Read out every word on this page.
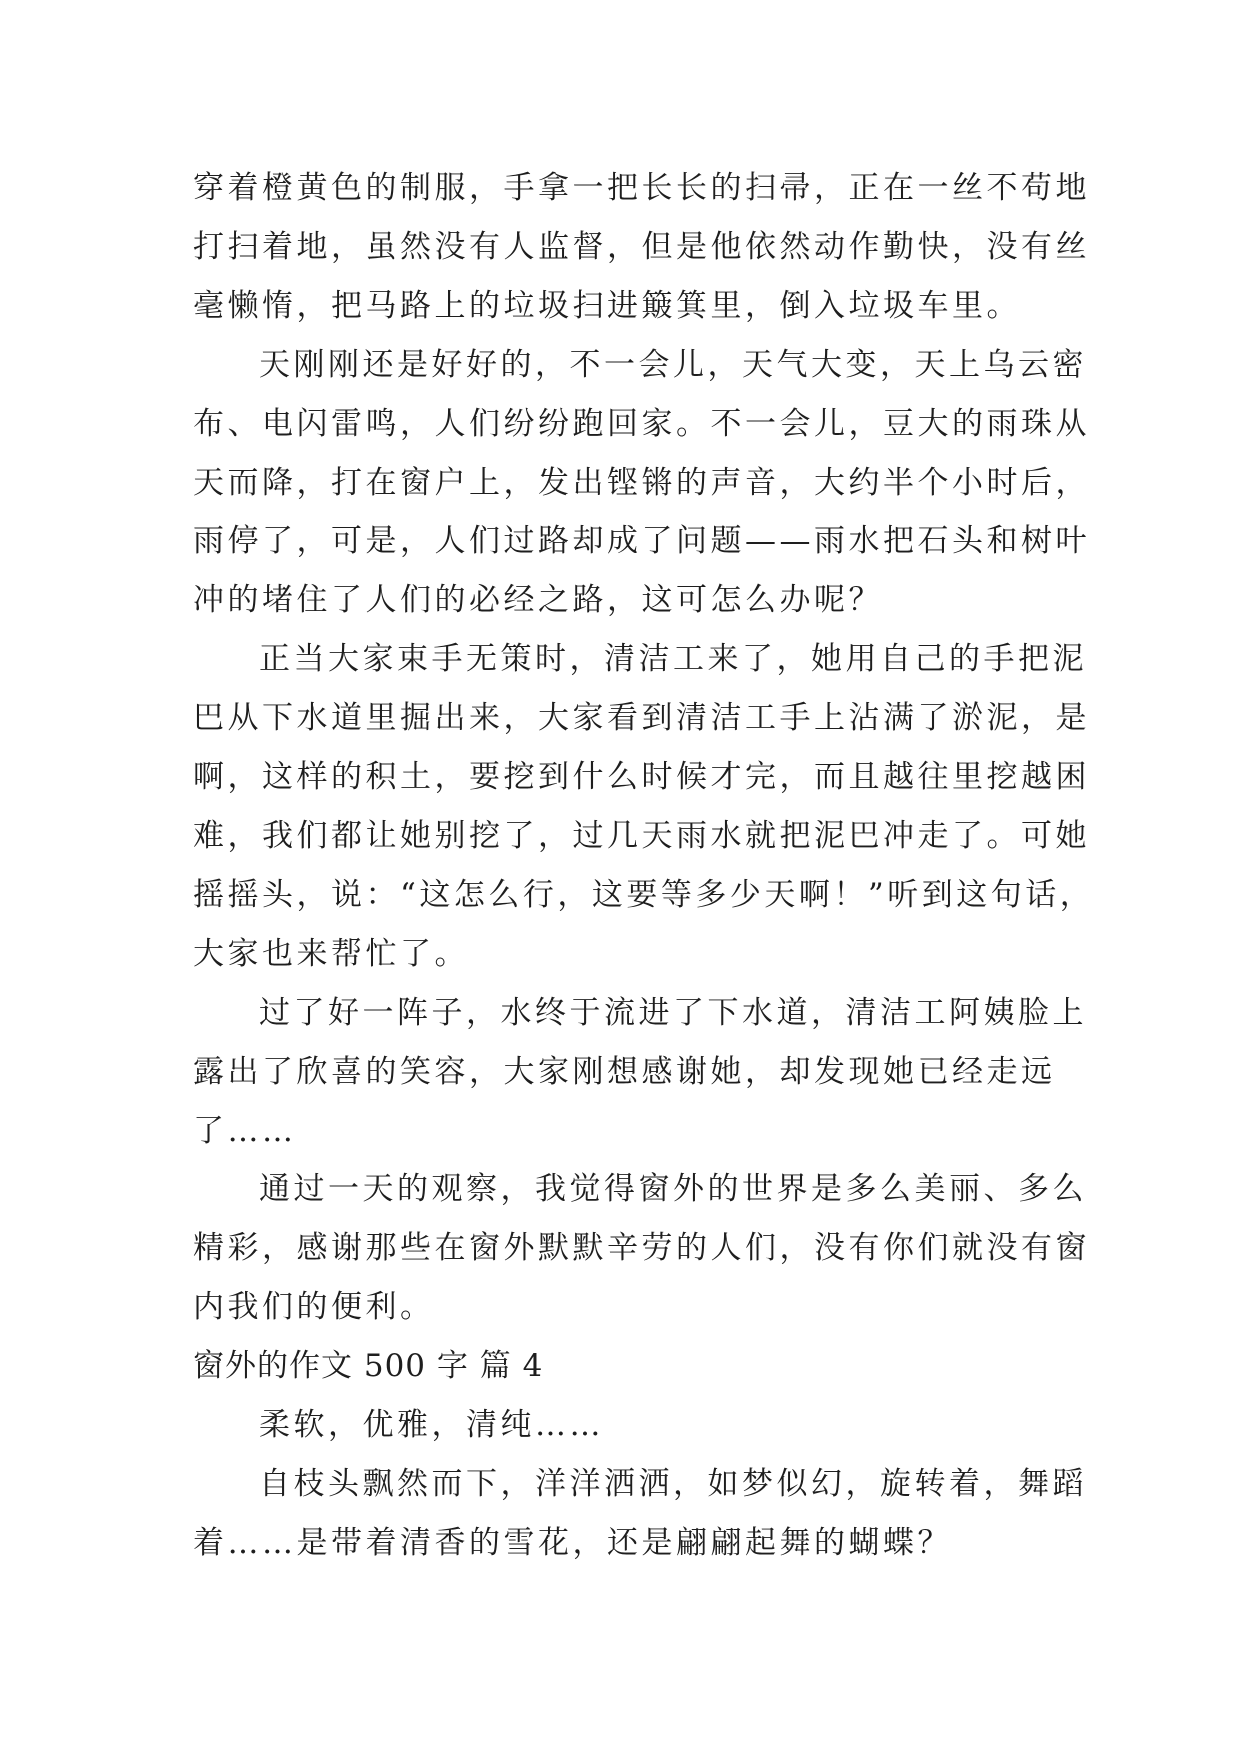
穿着橙黄色的制服，手拿一把长长的扫帚，正在一丝不苟地

打扫着地，虽然没有人监督，但是他依然动作勤快，没有丝

毫懒惰，把马路上的垃圾扫进簸箕里，倒入垃圾车里。

天刚刚还是好好的，不一会儿，天气大变，天上乌云密

布、电闪雷鸣，人们纷纷跑回家。不一会儿，豆大的雨珠从

天而降，打在窗户上，发出铿锵的声音，大约半个小时后，

雨停了，可是，人们过路却成了问题——雨水把石头和树叶

冲的堵住了人们的必经之路，这可怎么办呢？

正当大家束手无策时，清洁工来了，她用自己的手把泥

巴从下水道里掘出来，大家看到清洁工手上沾满了淤泥，是

啊，这样的积土，要挖到什么时候才完，而且越往里挖越困

难，我们都让她别挖了，过几天雨水就把泥巴冲走了。可她

摇摇头，说：“这怎么行，这要等多少天啊！”听到这句话，

大家也来帮忙了。

过了好一阵子，水终于流进了下水道，清洁工阿姨脸上

露出了欣喜的笑容，大家刚想感谢她，却发现她已经走远

了……

通过一天的观察，我觉得窗外的世界是多么美丽、多么

精彩，感谢那些在窗外默默辛劳的人们，没有你们就没有窗

内我们的便利。

窗外的作文 500 字 篇 4

柔软，优雅，清纯……

自枝头飘然而下，洋洋洒洒，如梦似幻，旋转着，舞蹈

着……是带着清香的雪花，还是翩翩起舞的蝴蝶？
